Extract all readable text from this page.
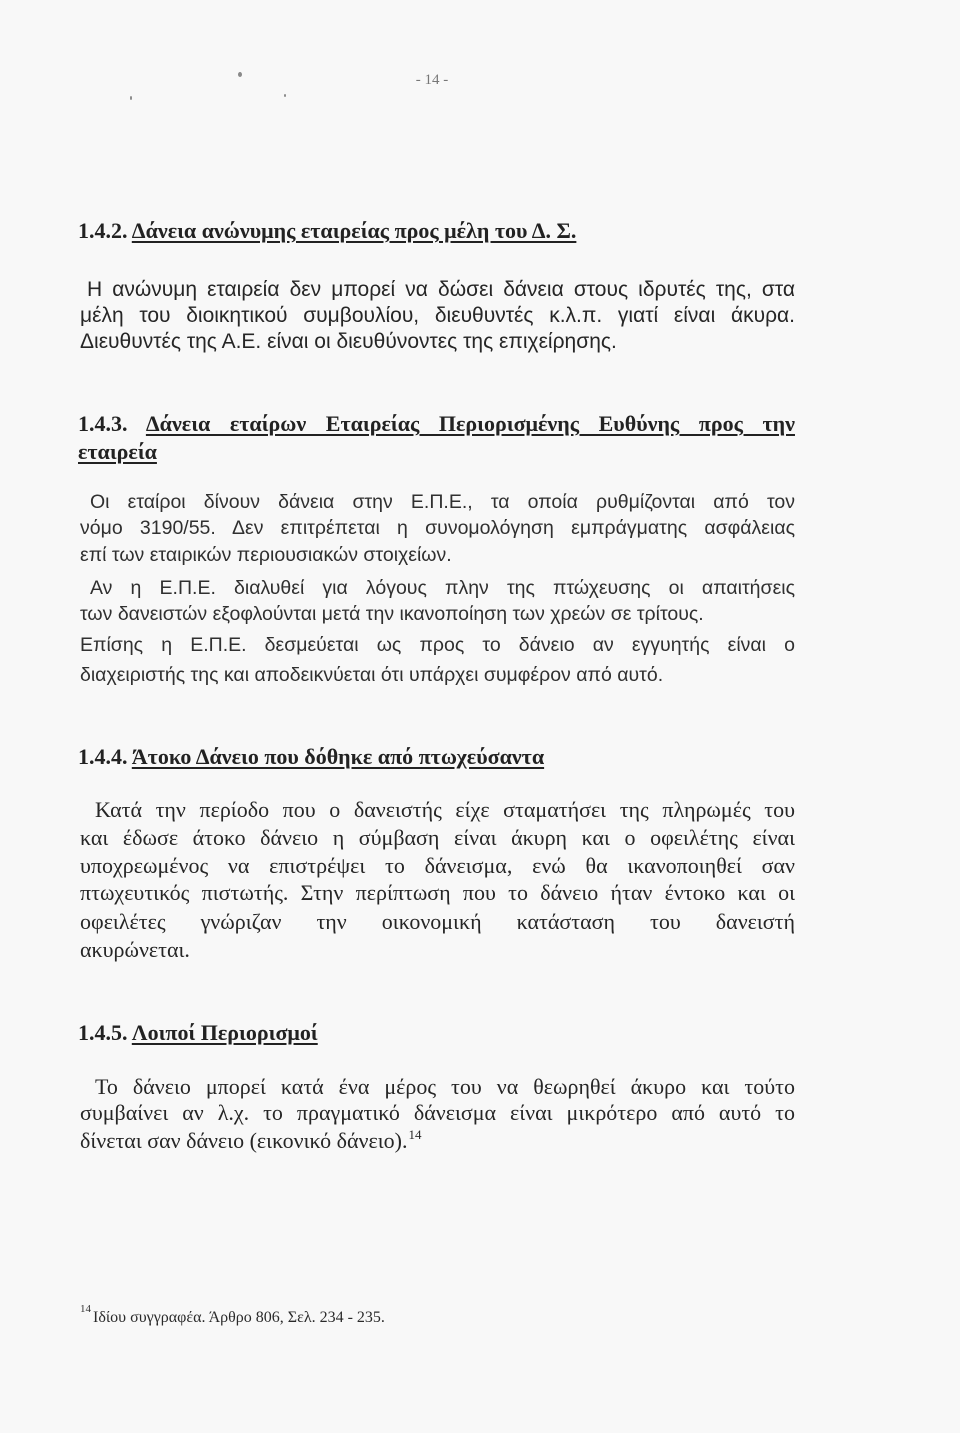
- 14 -
1.4.2. Δάνεια ανώνυμης εταιρείας προς μέλη του Δ. Σ.
Η ανώνυμη εταιρεία δεν μπορεί να δώσει δάνεια στους ιδρυτές της, στα
μέλη του διοικητικού συμβουλίου, διευθυντές κ.λ.π. γιατί είναι άκυρα.
Διευθυντές της Α.Ε. είναι οι διευθύνοντες της επιχείρησης.
1.4.3. Δάνεια εταίρων Εταιρείας Περιορισμένης Ευθύνης προς την
εταιρεία
Οι εταίροι δίνουν δάνεια στην Ε.Π.Ε., τα οποία ρυθμίζονται από τον
νόμο 3190/55. Δεν επιτρέπεται η συνομολόγηση εμπράγματης ασφάλειας
επί των εταιρικών περιουσιακών στοιχείων.
Αν η Ε.Π.Ε. διαλυθεί για λόγους πλην της πτώχευσης οι απαιτήσεις
των δανειστών εξοφλούνται μετά την ικανοποίηση των χρεών σε τρίτους.
Επίσης η Ε.Π.Ε. δεσμεύεται ως προς το δάνειο αν εγγυητής είναι ο
διαχειριστής της και αποδεικνύεται ότι υπάρχει συμφέρον από αυτό.
1.4.4. Άτοκο Δάνειο που δόθηκε από πτωχεύσαντα
Κατά την περίοδο που ο δανειστής είχε σταματήσει της πληρωμές του
και έδωσε άτοκο δάνειο η σύμβαση είναι άκυρη και ο οφειλέτης είναι
υποχρεωμένος να επιστρέψει το δάνεισμα, ενώ θα ικανοποιηθεί σαν
πτωχευτικός πιστωτής. Στην περίπτωση που το δάνειο ήταν έντοκο και οι
οφειλέτες γνώριζαν την οικονομική κατάσταση του δανειστή
ακυρώνεται.
1.4.5. Λοιποί Περιορισμοί
Το δάνειο μπορεί κατά ένα μέρος του να θεωρηθεί άκυρο και τούτο
συμβαίνει αν λ.χ. το πραγματικό δάνεισμα είναι μικρότερο από αυτό το
δίνεται σαν δάνειο (εικονικό δάνειο).$^{14}$
14 Ιδίου συγγραφέα. Άρθρο 806, Σελ. 234 - 235.
